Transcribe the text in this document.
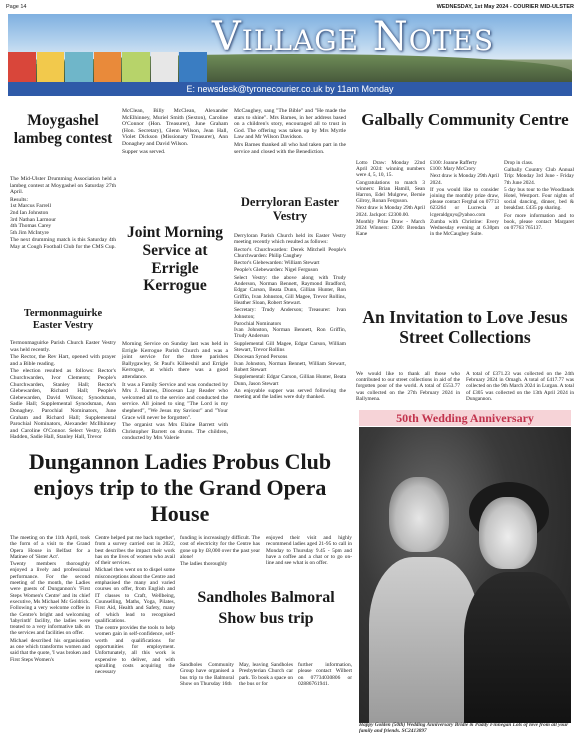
Page 14	WEDNESDAY, 1st May 2024 - COURIER MID-ULSTER
Village Notes
E: newsdesk@tyronecourier.co.uk by 11am Monday
Moygashel lambeg contest

The Mid-Ulster Drumming Association held a lambeg contest at Moygashel on Saturday 27th April.

Results:

1st Marcus Farrell

2nd Ian Johnston

3rd Nathan Larmour

4th Thomas Carey

5th Jim McIntyre

The next drumming match is this Saturday 4th May at Cough Football Club for the CMS Cup.

Termonmaguirke Easter Vestry

Termonmaguirke Parish Church Easter Vestry was held recently.

The Rector, the Rev Hart, opened with prayer and a Bible reading.

The election resulted as follows: Rector's Churchwarden, Ivor Clements; People's Churchwarden, Stanley Hall; Rector's Glebewarden, Richard Hall; People's Glebewarden, David Wilson; Synodsman, Sadie Hall; Supplemental Synodsman, Ann Donaghey. Parochial Nominators, June Graham and Richard Hall; Supplemental Parochial Nominators, Alexander McIlhinney and Caroline O'Connor. Select Vestry, Edith Hadden, Sadie Hall, Stanley Hall, Trevor

McClean, Billy McClean, Alexander McElhinney, Muriel Smith (Sexton), Caroline O'Connor (Hon. Treasurer), June Graham (Hon. Secretary), Glenn Wilson, Jean Hall, Violet Dickson (Missionary Treasurer), Ann Donaghey and David Wilson.

Supper was served.

Joint Morning Service at Errigle Kerrogue

Morning Service on Sunday last was held in Errigle Kerrogue Parish Church and was a joint service for the three parishes Ballygawley, St Paul's Killeeshil and Errigle Kerrogue, at which there was a good attendance.

It was a Family Service and was conducted by Mrs J. Barnes, Diocesan Lay Reader who welcomed all to the service and conducted the service. All joined to sing "The Lord is my shepherd", "We Jesus my Saviour" and "Your Grace will never be forgotten".

The organist was Mrs Elaine Barrett with Christopher Barrett on drums. The children, conducted by Mrs Valerie

McCaughey, sang "The Bible" and "He made the stars to shine". Mrs Barnes, in her address based on a children's story, encouraged all to trust in God. The offering was taken up by Mrs Myrtle Law and Mr Wilson Davidson.

Mrs Barnes thanked all who had taken part in the service and closed with the Benediction.

Derryloran Easter Vestry

Derryloran Parish Church held its Easter Vestry meeting recently which resulted as follows:

Rector's Churchwarden: Derek Mitchell People's Churchwarden: Philip Caughey

Rector's Glebewarden: William Stewart

People's Glebewarden: Nigel Ferguson

Select Vestry: the above along with Trudy Anderson, Norman Bennett, Raymond Bradford, Edgar Carson, Beata Dunn, Gillian Hunter, Ron Griffin, Ivan Johnston, Gill Magee, Trevor Rollins, Heather Sloan, Robert Stewart.

Secretary: Trudy Anderson; Treasurer: Ivan Johnston;

Parochial Nominators

Ivan Johnston, Norman Bennett, Ron Griffin, Trudy Anderson

Supplemental Gill Magee, Edgar Carson, William Stewart, Trevor Rollins

Diocesan Synod Persons

Ivan Johnston, Norman Bennett, William Stewart, Robert Stewart

Supplemental: Edgar Carson, Gillian Hunter, Beata Dunn, Jason Stewart

An enjoyable supper was served following the meeting and the ladies were duly thanked.

Galbally Community Centre

Lotto Draw: Monday 22nd April 2024: winning numbers were 4, 5, 10, 15.

Congratulations to match 3 winners: Brian Hamill, Sean Harron, Edel Mulgrew, Bernie Gilroy, Ronan Ferguson.

Next draw is Monday 29th April 2024. Jackpot: £2300.00.

Monthly Prize Draw - March 2024 Winners: £200: Brendan Kane

£100: Joanne Rafferty

£100: Mary McCrory

Next draw is Monday 29th April 2024.

If you would like to consider joining the monthly prize draw, please contact Ferghal on 07713 623264 or Lucrecia at lcgeraldguys@yahoo.com

Zumba with Christine: Every Wednesday evening at 6.30pm in the McCaughey Suite.

Drop in class.

Galbally Country Club Annual Trip: Monday 3rd June - Friday 7th June 2024.

5 day bus tour to the Woodlands Hotel, Westport. Four nights of social dancing, dinner, bed & breakfast. £435 pp sharing.

For more information and to book, please contact Margaret on 07763 765137.

An Invitation to Love Jesus Street Collections
We would like to thank all those who contributed to our street collections in aid of the forgotten poor of the world. A total of £553.77 was collected on the 27th February 2024 in Ballymena.
A total of £371.23 was collected on the 24th February 2024 in Omagh. A total of £417.77 was collected on the 9th March 2024 in Lurgan. A total of £305 was collected on the 13th April 2024 in Dungannon.
50th Wedding Anniversary
Happy Golden (50th) Wedding Anniversary Bridie & Paddy Finnegan Lots of love from all your family and friends. SC2413897
Dungannon Ladies Probus Club enjoys trip to the Grand Opera House

The meeting on the 11th April, took the form of a visit to the Grand Opera House in Belfast for a Matinee of 'Sister Act'.

Twenty members thoroughly enjoyed a lively and professional performance. For the second meeting of the month, the Ladies were guests of Dungannon's 'First Steps Women's Centre' and its chief executive, Ms Michael Mc Goldrick. Following a very welcome coffee in the Centre's bright and welcoming 'labyrinth' facility, the ladies were treated to a very informative talk on the services and facilities on offer.

Michael described his organisation as one which transforms women and said that the quote, 'I was broken and First Steps Women's

Centre helped put me back together', from a survey carried out in 2022, best describes the impact their work has on the lives of women who avail of their services.

Michael then went on to dispel some misconceptions about the Centre and emphasised the many and varied courses on offer, from English and IT classes to Craft, Wellbeing, Counselling, Maths, Yoga, Pilates, First Aid, Health and Safety, many of which lead to recognised qualifications.

The centre provides the tools to help women gain in self-confidence, self-worth and qualifications for opportunities for employment. Unfortunately, all this work is expensive to deliver, and with spiralling costs acquiring the necessary

funding is increasingly difficult. The cost of electricity for the Centre has gone up by £8,000 over the past year alone!

The ladies thoroughly

enjoyed their visit and highly recommend ladies aged 21-95 to call in Monday to Thursday 9.45 - 5pm and have a coffee and a chat or to go on-line and see what is on offer.

Sandholes Balmoral Show bus trip
Sandholes Community Group have organised a bus trip to the Balmoral Show on Thursday 16th
May, leaving Sandholes Presbyterian Church car park. To book a space on the bus or for
further information, please contact Wilbert on 07734030806 or 02886761941.
